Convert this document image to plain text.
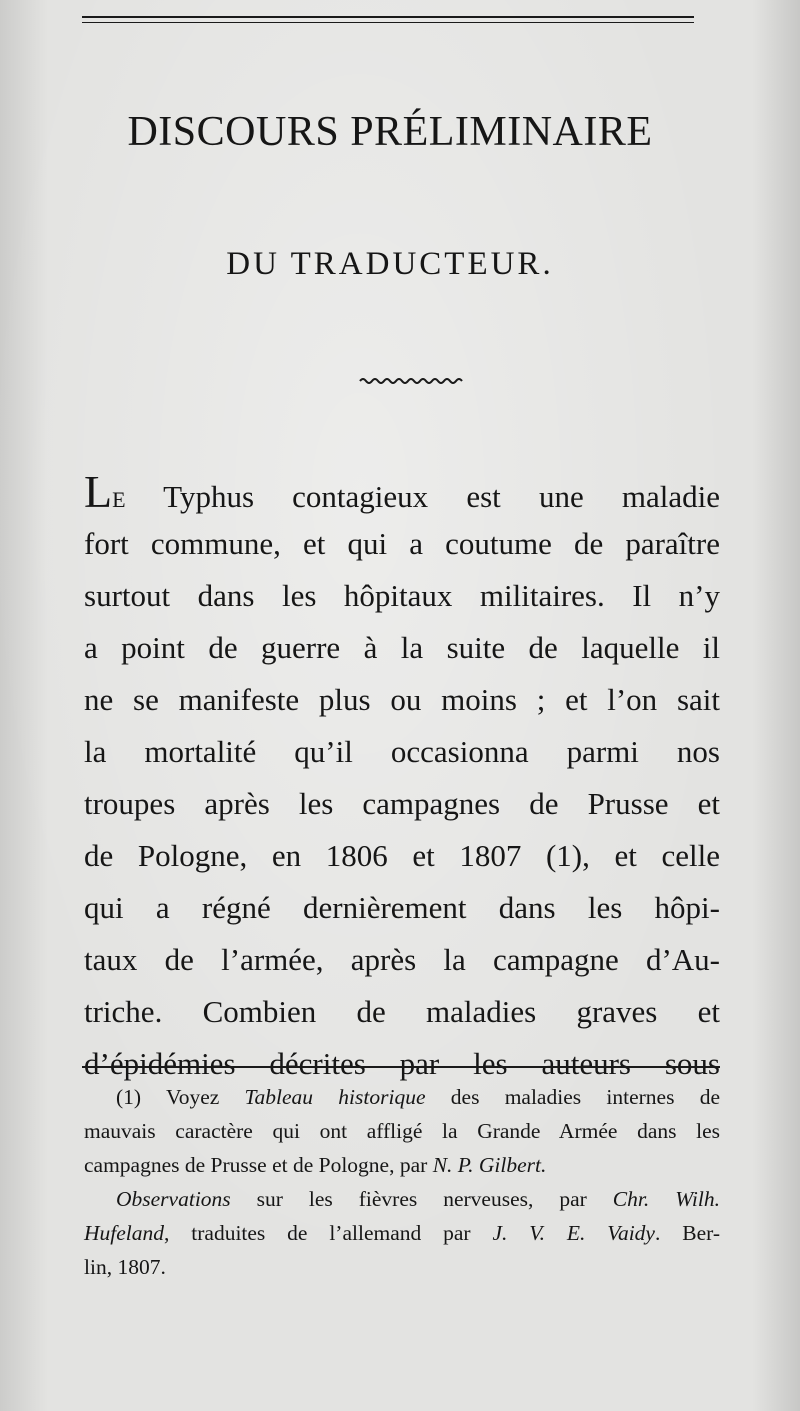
DISCOURS PRÉLIMINAIRE
DU TRADUCTEUR.
LE Typhus contagieux est une maladie
fort commune, et qui a coutume de paraître
surtout dans les hôpitaux militaires. Il n’y
a point de guerre à la suite de laquelle il
ne se manifeste plus ou moins ; et l’on sait
la mortalité qu’il occasionna parmi nos
troupes après les campagnes de Prusse et
de Pologne, en 1806 et 1807 (1), et celle
qui a régné dernièrement dans les hôpi-
taux de l’armée, après la campagne d’Au-
triche. Combien de maladies graves et
d’épidémies décrites par les auteurs sous
(1) Voyez Tableau historique des maladies internes de
mauvais caractère qui ont affligé la Grande Armée dans les
campagnes de Prusse et de Pologne, par N. P. Gilbert.
Observations sur les fièvres nerveuses, par Chr. Wilh.
Hufeland, traduites de l’allemand par J. V. E. Vaidy. Ber-
lin, 1807.
